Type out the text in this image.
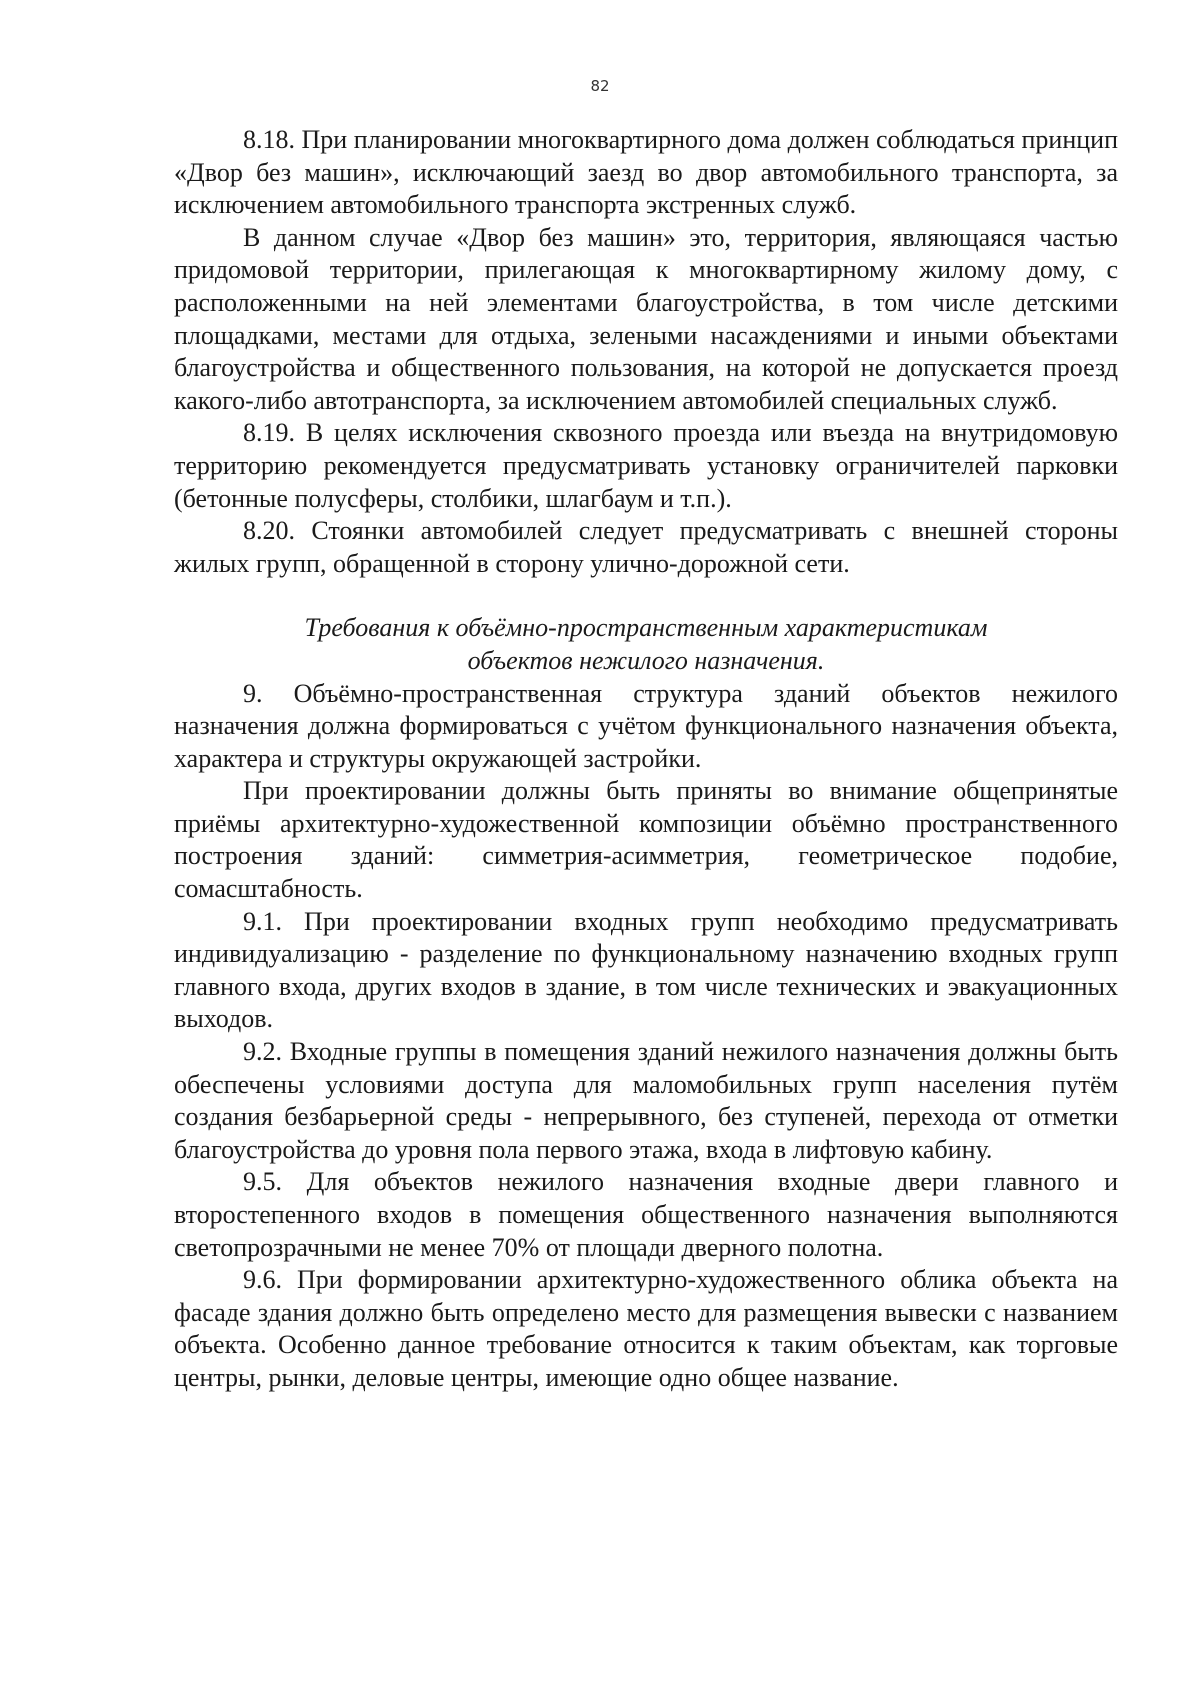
82

8.18. При планировании многоквартирного дома должен соблюдаться принцип «Двор без машин», исключающий заезд во двор автомобильного транспорта, за исключением автомобильного транспорта экстренных служб.

В данном случае «Двор без машин» это, территория, являющаяся частью придомовой территории, прилегающая к многоквартирному жилому дому, с расположенными на ней элементами благоустройства, в том числе детскими площадками, местами для отдыха, зелеными насаждениями и иными объектами благоустройства и общественного пользования, на которой не допускается проезд какого-либо автотранспорта, за исключением автомобилей специальных служб.

8.19. В целях исключения сквозного проезда или въезда на внутридомовую территорию рекомендуется предусматривать установку ограничителей парковки (бетонные полусферы, столбики, шлагбаум и т.п.).

8.20. Стоянки автомобилей следует предусматривать с внешней стороны жилых групп, обращенной в сторону улично-дорожной сети.

Требования к объёмно-пространственным характеристикам
объектов нежилого назначения.

9. Объёмно-пространственная структура зданий объектов нежилого назначения должна формироваться с учётом функционального назначения объекта, характера и структуры окружающей застройки.

При проектировании должны быть приняты во внимание общепринятые приёмы архитектурно-художественной композиции объёмно пространственного построения зданий: симметрия-асимметрия, геометрическое подобие, сомасштабность.

9.1. При проектировании входных групп необходимо предусматривать индивидуализацию - разделение по функциональному назначению входных групп главного входа, других входов в здание, в том числе технических и эвакуационных выходов.

9.2. Входные группы в помещения зданий нежилого назначения должны быть обеспечены условиями доступа для маломобильных групп населения путём создания безбарьерной среды - непрерывного, без ступеней, перехода от отметки благоустройства до уровня пола первого этажа, входа в лифтовую кабину.

9.5. Для объектов нежилого назначения входные двери главного и второстепенного входов в помещения общественного назначения выполняются светопрозрачными не менее 70% от площади дверного полотна.

9.6. При формировании архитектурно-художественного облика объекта на фасаде здания должно быть определено место для размещения вывески с названием объекта. Особенно данное требование относится к таким объектам, как торговые центры, рынки, деловые центры, имеющие одно общее название.
